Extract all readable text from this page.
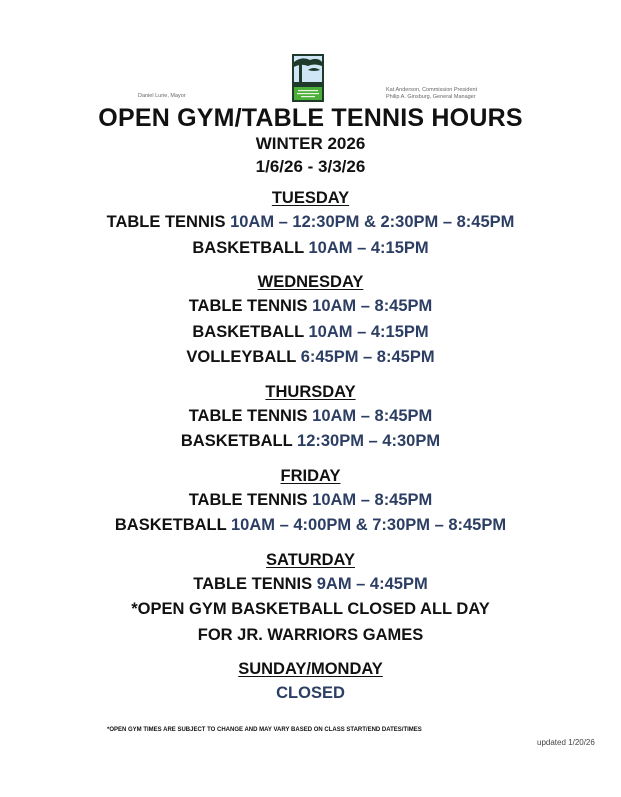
Daniel Lurie, Mayor
Kat Anderson, Commission President
Philip A. Ginsburg, General Manager
OPEN GYM/TABLE TENNIS HOURS
WINTER 2026
1/6/26 - 3/3/26
TUESDAY
TABLE TENNIS 10AM – 12:30PM & 2:30PM – 8:45PM
BASKETBALL 10AM – 4:15PM
WEDNESDAY
TABLE TENNIS 10AM – 8:45PM
BASKETBALL 10AM – 4:15PM
VOLLEYBALL 6:45PM – 8:45PM
THURSDAY
TABLE TENNIS 10AM – 8:45PM
BASKETBALL 12:30PM – 4:30PM
FRIDAY
TABLE TENNIS 10AM – 8:45PM
BASKETBALL 10AM – 4:00PM & 7:30PM – 8:45PM
SATURDAY
TABLE TENNIS 9AM – 4:45PM
*OPEN GYM BASKETBALL CLOSED ALL DAY
FOR JR. WARRIORS GAMES
SUNDAY/MONDAY
CLOSED
*OPEN GYM TIMES ARE SUBJECT TO CHANGE AND MAY VARY BASED ON CLASS START/END DATES/TIMES
updated 1/20/26
